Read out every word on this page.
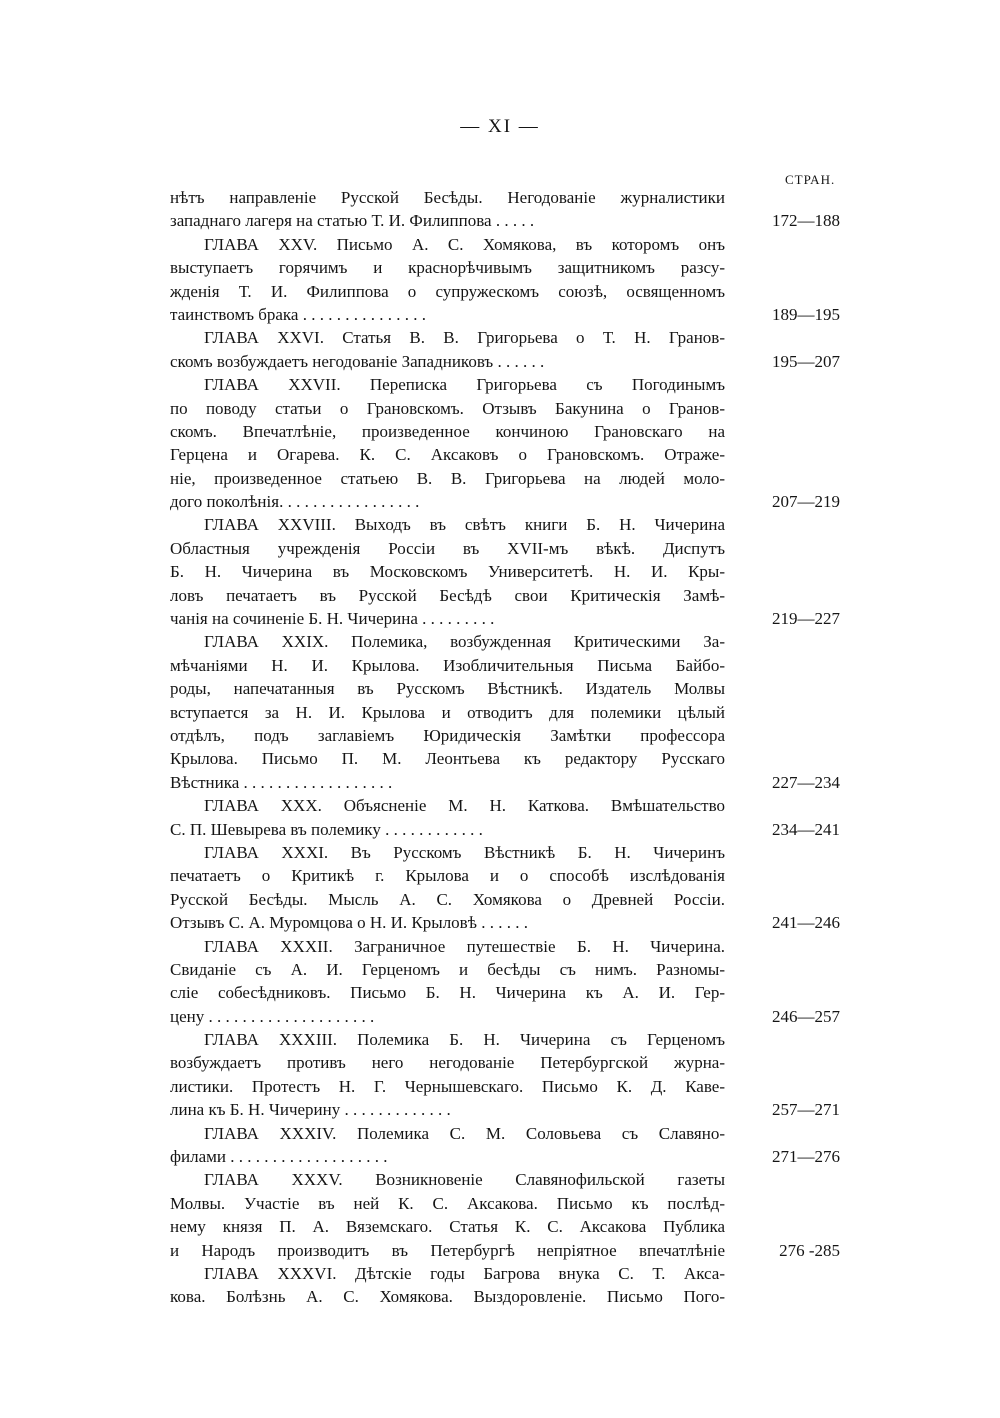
— XI —
СТРАН.
нѣтъ направленіе Русской Бесѣды. Негодованіе журналистики
западнаго лагеря на статью Т. И. Филиппова . . . . .	172—188
ГЛАВА XXV. Письмо А. С. Хомякова, въ которомъ онъ
выступаетъ горячимъ и краснорѣчивымъ защитникомъ разсу-
жденія Т. И. Филиппова о супружескомъ союзѣ, освященномъ
таинствомъ брака . . . . . . . . . . . . . . .	189—195
ГЛАВА XXVI. Статья В. В. Григорьева о Т. Н. Гранов-
скомъ возбуждаетъ негодованіе Западниковъ . . . . . .	195—207
ГЛАВА XXVII. Переписка Григорьева съ Погодинымъ
по поводу статьи о Грановскомъ. Отзывъ Бакунина о Гранов-
скомъ. Впечатлѣніе, произведенное кончиною Грановскаго на
Герцена и Огарева. К. С. Аксаковъ о Грановскомъ. Отраже-
ніе, произведенное статьею В. В. Григорьева на людей моло-
дого поколѣнія. . . . . . . . . . . . . . . . .	207—219
ГЛАВА XXVIII. Выходъ въ свѣтъ книги Б. Н. Чичерина
Областныя учрежденія Россіи въ XVII-мъ вѣкѣ. Диспутъ
Б. Н. Чичерина въ Московскомъ Университетѣ. Н. И. Кры-
ловъ печатаетъ въ Русской Бесѣдѣ свои Критическія Замѣ-
чанія на сочиненіе Б. Н. Чичерина . . . . . . . . .	219—227
ГЛАВА XXIX. Полемика, возбужденная Критическими За-
мѣчаніями Н. И. Крылова. Изобличительныя Письма Байбо-
роды, напечатанныя въ Русскомъ Вѣстникѣ. Издатель Молвы
вступается за Н. И. Крылова и отводитъ для полемики цѣлый
отдѣлъ, подъ заглавіемъ Юридическія Замѣтки профессора
Крылова. Письмо П. М. Леонтьева къ редактору Русскаго
Вѣстника . . . . . . . . . . . . . . . . . .	227—234
ГЛАВА XXX. Объясненіе М. Н. Каткова. Вмѣшательство
С. П. Шевырева въ полемику . . . . . . . . . . . .	234—241
ГЛАВА XXXI. Въ Русскомъ Вѣстникѣ Б. Н. Чичеринъ
печатаетъ о Критикѣ г. Крылова и о способѣ изслѣдованія
Русской Бесѣды. Мысль А. С. Хомякова о Древней Россіи.
Отзывъ С. А. Муромцова о Н. И. Крыловѣ . . . . . .	241—246
ГЛАВА XXXII. Заграничное путешествіе Б. Н. Чичерина.
Свиданіе съ А. И. Герценомъ и бесѣды съ нимъ. Разномы-
сліе собесѣдниковъ. Письмо Б. Н. Чичерина къ А. И. Гер-
цену . . . . . . . . . . . . . . . . . . . .	246—257
ГЛАВА XXXIII. Полемика Б. Н. Чичерина съ Герценомъ
возбуждаетъ противъ него негодованіе Петербургской журна-
листики. Протестъ Н. Г. Чернышевскаго. Письмо К. Д. Каве-
лина къ Б. Н. Чичерину . . . . . . . . . . . . .	257—271
ГЛАВА XXXIV. Полемика С. М. Соловьева съ Славяно-
филами . . . . . . . . . . . . . . . . . . .	271—276
ГЛАВА XXXV. Возникновеніе Славянофильской газеты
Молвы. Участіе въ ней К. С. Аксакова. Письмо къ послѣд-
нему князя П. А. Вяземскаго. Статья К. С. Аксакова Публика
и Народъ производитъ въ Петербургѣ непріятное впечатлѣніе	276 -285
ГЛАВА XXXVI. Дѣтскіе годы Багрова внука С. Т. Акса-
кова. Болѣзнь А. С. Хомякова. Выздоровленіе. Письмо Пого-
